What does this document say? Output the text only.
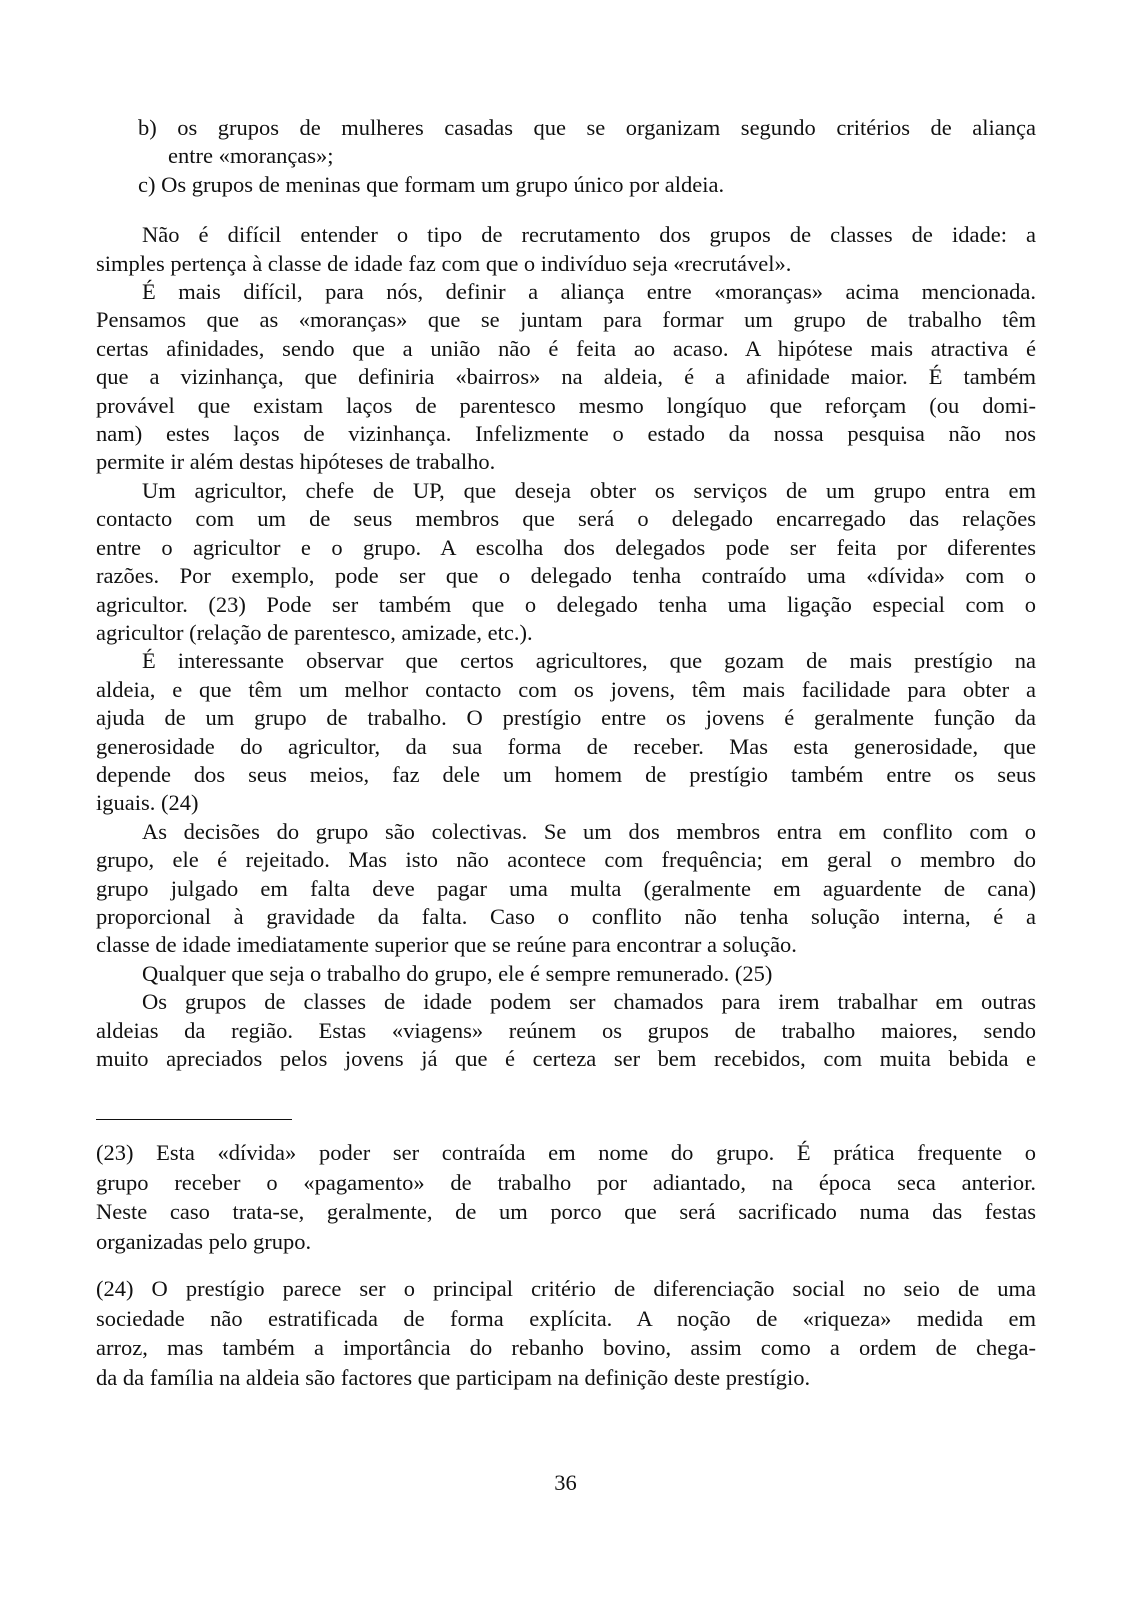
b) os grupos de mulheres casadas que se organizam segundo critérios de aliança

entre «moranças»;

c) Os grupos de meninas que formam um grupo único por aldeia.

Não é difícil entender o tipo de recrutamento dos grupos de classes de idade: a

simples pertença à classe de idade faz com que o indivíduo seja «recrutável».

É mais difícil, para nós, definir a aliança entre «moranças» acima mencionada.

Pensamos que as «moranças» que se juntam para formar um grupo de trabalho têm

certas afinidades, sendo que a união não é feita ao acaso. A hipótese mais atractiva é

que a vizinhança, que definiria «bairros» na aldeia, é a afinidade maior. É também

provável que existam laços de parentesco mesmo longíquo que reforçam (ou domi-

nam) estes laços de vizinhança. Infelizmente o estado da nossa pesquisa não nos

permite ir além destas hipóteses de trabalho.

Um agricultor, chefe de UP, que deseja obter os serviços de um grupo entra em

contacto com um de seus membros que será o delegado encarregado das relações

entre o agricultor e o grupo. A escolha dos delegados pode ser feita por diferentes

razões. Por exemplo, pode ser que o delegado tenha contraído uma «dívida» com o

agricultor. (23) Pode ser também que o delegado tenha uma ligação especial com o

agricultor (relação de parentesco, amizade, etc.).

É interessante observar que certos agricultores, que gozam de mais prestígio na

aldeia, e que têm um melhor contacto com os jovens, têm mais facilidade para obter a

ajuda de um grupo de trabalho. O prestígio entre os jovens é geralmente função da

generosidade do agricultor, da sua forma de receber. Mas esta generosidade, que

depende dos seus meios, faz dele um homem de prestígio também entre os seus

iguais. (24)

As decisões do grupo são colectivas. Se um dos membros entra em conflito com o

grupo, ele é rejeitado. Mas isto não acontece com frequência; em geral o membro do

grupo julgado em falta deve pagar uma multa (geralmente em aguardente de cana)

proporcional à gravidade da falta. Caso o conflito não tenha solução interna, é a

classe de idade imediatamente superior que se reúne para encontrar a solução.

Qualquer que seja o trabalho do grupo, ele é sempre remunerado. (25)

Os grupos de classes de idade podem ser chamados para irem trabalhar em outras

aldeias da região. Estas «viagens» reúnem os grupos de trabalho maiores, sendo

muito apreciados pelos jovens já que é certeza ser bem recebidos, com muita bebida e

(23) Esta «dívida» poder ser contraída em nome do grupo. É prática frequente o

grupo receber o «pagamento» de trabalho por adiantado, na época seca anterior.

Neste caso trata-se, geralmente, de um porco que será sacrificado numa das festas

organizadas pelo grupo.

(24) O prestígio parece ser o principal critério de diferenciação social no seio de uma

sociedade não estratificada de forma explícita. A noção de «riqueza» medida em

arroz, mas também a importância do rebanho bovino, assim como a ordem de chega-

da da família na aldeia são factores que participam na definição deste prestígio.

36
